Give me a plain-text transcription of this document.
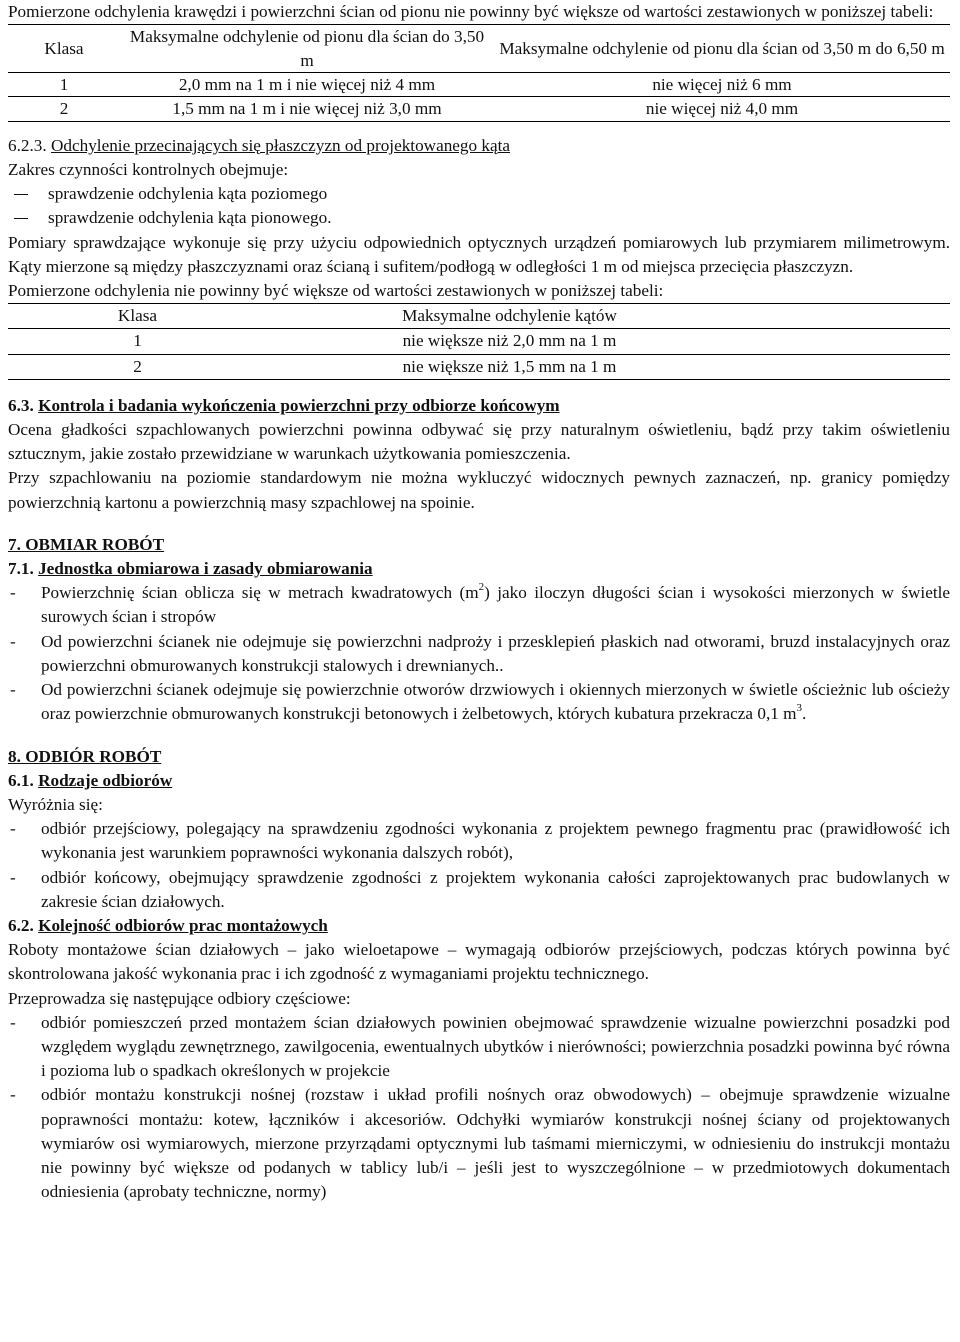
Pomierzone odchylenia krawędzi i powierzchni ścian od pionu nie powinny być większe od wartości zestawionych w poniższej tabeli:

Klasa	Maksymalne odchylenie od pionu dla ścian do 3,50 m	Maksymalne odchylenie od pionu dla ścian od 3,50 m do 6,50 m
1	2,0 mm na 1 m i nie więcej niż 4 mm	nie więcej niż 6 mm
2	1,5 mm na 1 m i nie więcej niż 3,0 mm	nie więcej niż 4,0 mm

6.2.3. Odchylenie przecinających się płaszczyzn od projektowanego kąta

Zakres czynności kontrolnych obejmuje:

sprawdzenie odchylenia kąta poziomego
sprawdzenie odchylenia kąta pionowego.

Pomiary sprawdzające wykonuje się przy użyciu odpowiednich optycznych urządzeń pomiarowych lub przymiarem milimetrowym. Kąty mierzone są między płaszczyznami oraz ścianą i sufitem/podłogą w odległości 1 m od miejsca przecięcia płaszczyzn.

Pomierzone odchylenia nie powinny być większe od wartości zestawionych w poniższej tabeli:

Klasa	Maksymalne odchylenie kątów
1	nie większe niż 2,0 mm na 1 m
2	nie większe niż 1,5 mm na 1 m

6.3. Kontrola i badania wykończenia powierzchni przy odbiorze końcowym

Ocena gładkości szpachlowanych powierzchni powinna odbywać się przy naturalnym oświetleniu, bądź przy takim oświetleniu sztucznym, jakie zostało przewidziane w warunkach użytkowania pomieszczenia.

Przy szpachlowaniu na poziomie standardowym nie można wykluczyć widocznych pewnych zaznaczeń, np. granicy pomiędzy powierzchnią kartonu a powierzchnią masy szpachlowej na spoinie.

7. OBMIAR ROBÓT

7.1. Jednostka obmiarowa i zasady obmiarowania

- Powierzchnię ścian oblicza się w metrach kwadratowych $(m^2)$ jako iloczyn długości ścian i wysokości mierzonych w świetle surowych ścian i stropów
- Od powierzchni ścianek nie odejmuje się powierzchni nadproży i przesklepień płaskich nad otworami, bruzd instalacyjnych oraz powierzchni obmurowanych konstrukcji stalowych i drewnianych..
- Od powierzchni ścianek odejmuje się powierzchnie otworów drzwiowych i okiennych mierzonych w świetle ościeżnic lub ościeży oraz powierzchnie obmurowanych konstrukcji betonowych i żelbetowych, których kubatura przekracza 0,1 $m^3$.

8. ODBIÓR ROBÓT

6.1. Rodzaje odbiorów

Wyróżnia się:

- odbiór przejściowy, polegający na sprawdzeniu zgodności wykonania z projektem pewnego fragmentu prac (prawidłowość ich wykonania jest warunkiem poprawności wykonania dalszych robót),
- odbiór końcowy, obejmujący sprawdzenie zgodności z projektem wykonania całości zaprojektowanych prac budowlanych w zakresie ścian działowych.

6.2. Kolejność odbiorów prac montażowych

Roboty montażowe ścian działowych – jako wieloetapowe – wymagają odbiorów przejściowych, podczas których powinna być skontrolowana jakość wykonania prac i ich zgodność z wymaganiami projektu technicznego.

Przeprowadza się następujące odbiory częściowe:

- odbiór pomieszczeń przed montażem ścian działowych powinien obejmować sprawdzenie wizualne powierzchni posadzki pod względem wyglądu zewnętrznego, zawilgocenia, ewentualnych ubytków i nierówności; powierzchnia posadzki powinna być równa i pozioma lub o spadkach określonych w projekcie
- odbiór montażu konstrukcji nośnej (rozstaw i układ profili nośnych oraz obwodowych) – obejmuje sprawdzenie wizualne poprawności montażu: kotew, łączników i akcesoriów. Odchyłki wymiarów konstrukcji nośnej ściany od projektowanych wymiarów osi wymiarowych, mierzone przyrządami optycznymi lub taśmami mierniczymi, w odniesieniu do instrukcji montażu nie powinny być większe od podanych w tablicy lub/i – jeśli jest to wyszczególnione – w przedmiotowych dokumentach odniesienia (aprobaty techniczne, normy)
